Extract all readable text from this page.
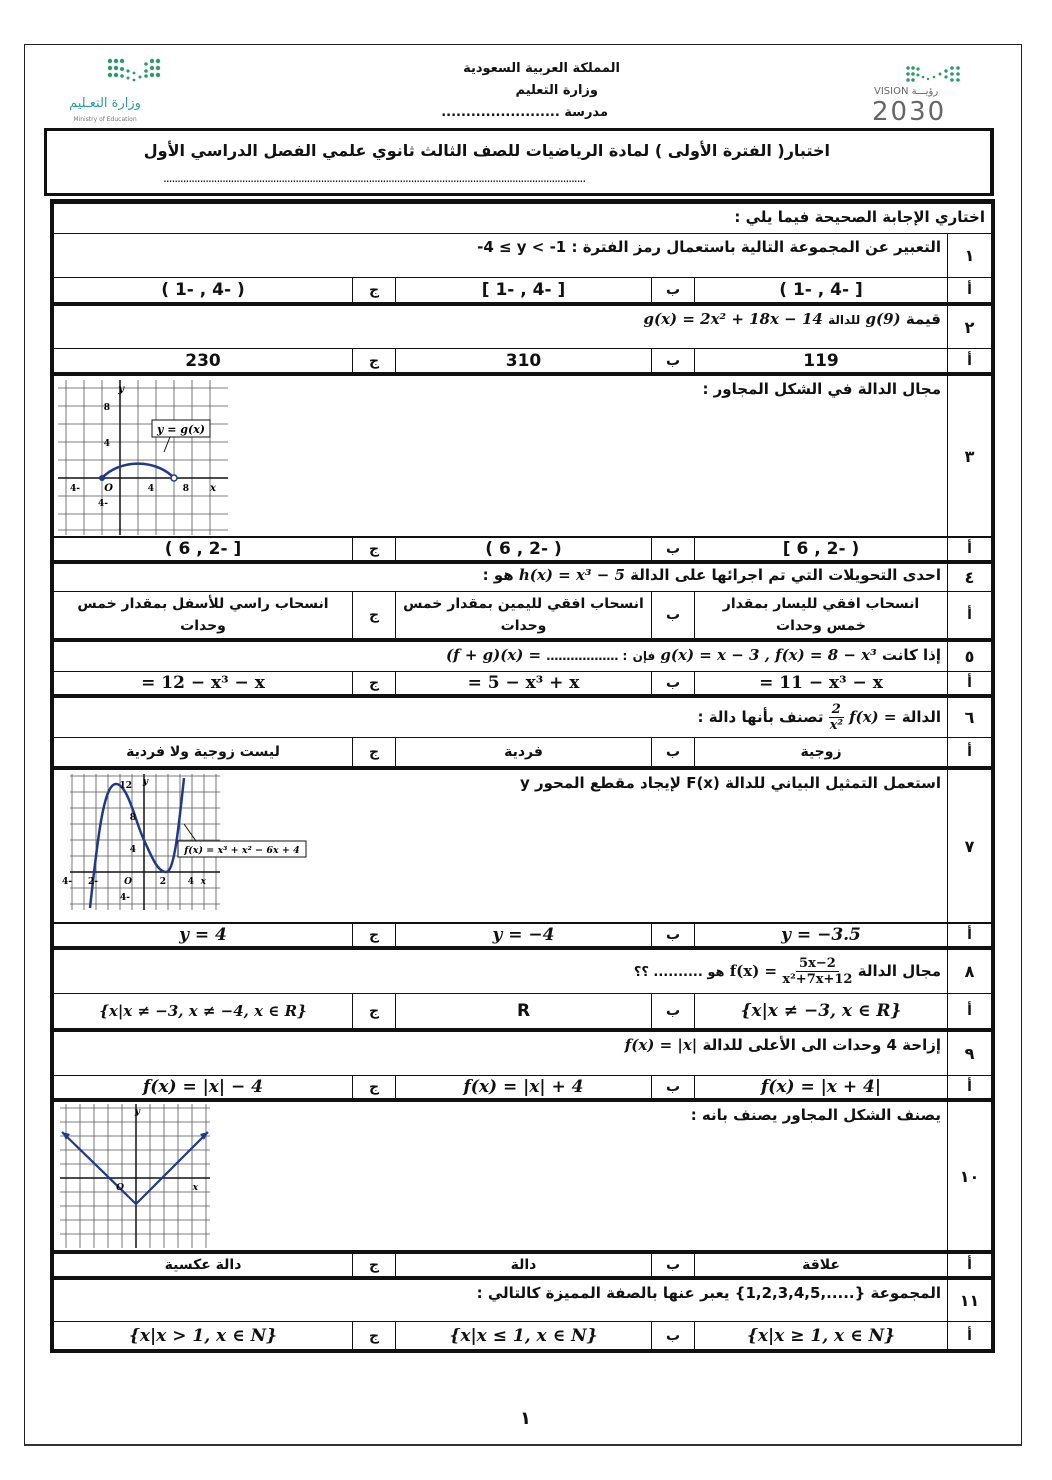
وزارة التعـليم
Ministry of Education
VISION رؤيـــة
2030
المملكة العربية السعودية
وزارة التعليم
مدرسة ........................
اختبار( الفترة الأولى ) لمادة الرياضيات للصف الثالث ثانوي علمي الفصل الدراسي الأول
......................................................................................................................................................
اختاري الإجابة الصحيحة فيما يلي :
١
التعبير عن المجموعة التالية باستعمال رمز الفترة : -4 ≤ y < -1
أ
[ -4 , -1 )
ب
[ -4 , -1 ]
ج
( -4 , -1 )
٢
قيمة g(9) للدالة g(x) = 2x² + 18x − 14
أ
119
ب
310
ج
230
٣
مجال الدالة في الشكل المجاور :
y = g(x)
y
8
4
-4
-4 O	4	8 x
أ
( -2 , 6 ]
ب
( -2 , 6 )
ج
[ -2 , 6 )
٤
احدى التحويلات التي تم اجرائها على الدالة h(x) = x³ − 5 هو :
أ
انسحاب افقي لليسار بمقدار خمس وحدات
ب
انسحاب افقي لليمين بمقدار خمس وحدات
ج
انسحاب راسي للأسفل بمقدار خمس وحدات
٥
إذا كانت g(x) = x − 3 , f(x) = 8 − x³ فإن : ……………… (f + g)(x) =
أ
= 11 − x³ − x
ب
= 5 − x³ + x
ج
= 12 − x³ − x
٦
الدالة f(x) =
$\frac{2}{\text{x²}}$
تصنف بأنها دالة :
أ
زوجية
ب
فردية
ج
ليست زوجية ولا فردية
٧
استعمل التمثيل البياني للدالة F(x) لإيجاد مقطع المحور y
f(x) = x³ + x² − 6x + 4
y
12
8
4
-4
-4 -2	O	2 4 x
أ
y = −3.5
ب
y = −4
ج
y = 4
٨
مجال الدالة
$\frac{5x-2}{\text{x²+7x+12}}$
f(x) = هو .......... ؟؟
أ
{x|x ≠ −3, x ∈ R}
ب
R
ج
{x|x ≠ −3, x ≠ −4, x ∈ R}
٩
إزاحة 4 وحدات الى الأعلى للدالة f(x) = |x|
أ
f(x) = |x + 4|
ب
f(x) = |x| + 4
ج
f(x) = |x| − 4
١٠
يصنف الشكل المجاور يصنف بانه :
y
O	x
أ
علاقة
ب
دالة
ج
دالة عكسية
١١
المجموعة {1,2,3,4,5,.....} يعبر عنها بالصفة المميزة كالتالي :
أ
{x|x ≥ 1, x ∈ N}
ب
{x|x ≤ 1, x ∈ N}
ج
{x|x > 1, x ∈ N}
١
